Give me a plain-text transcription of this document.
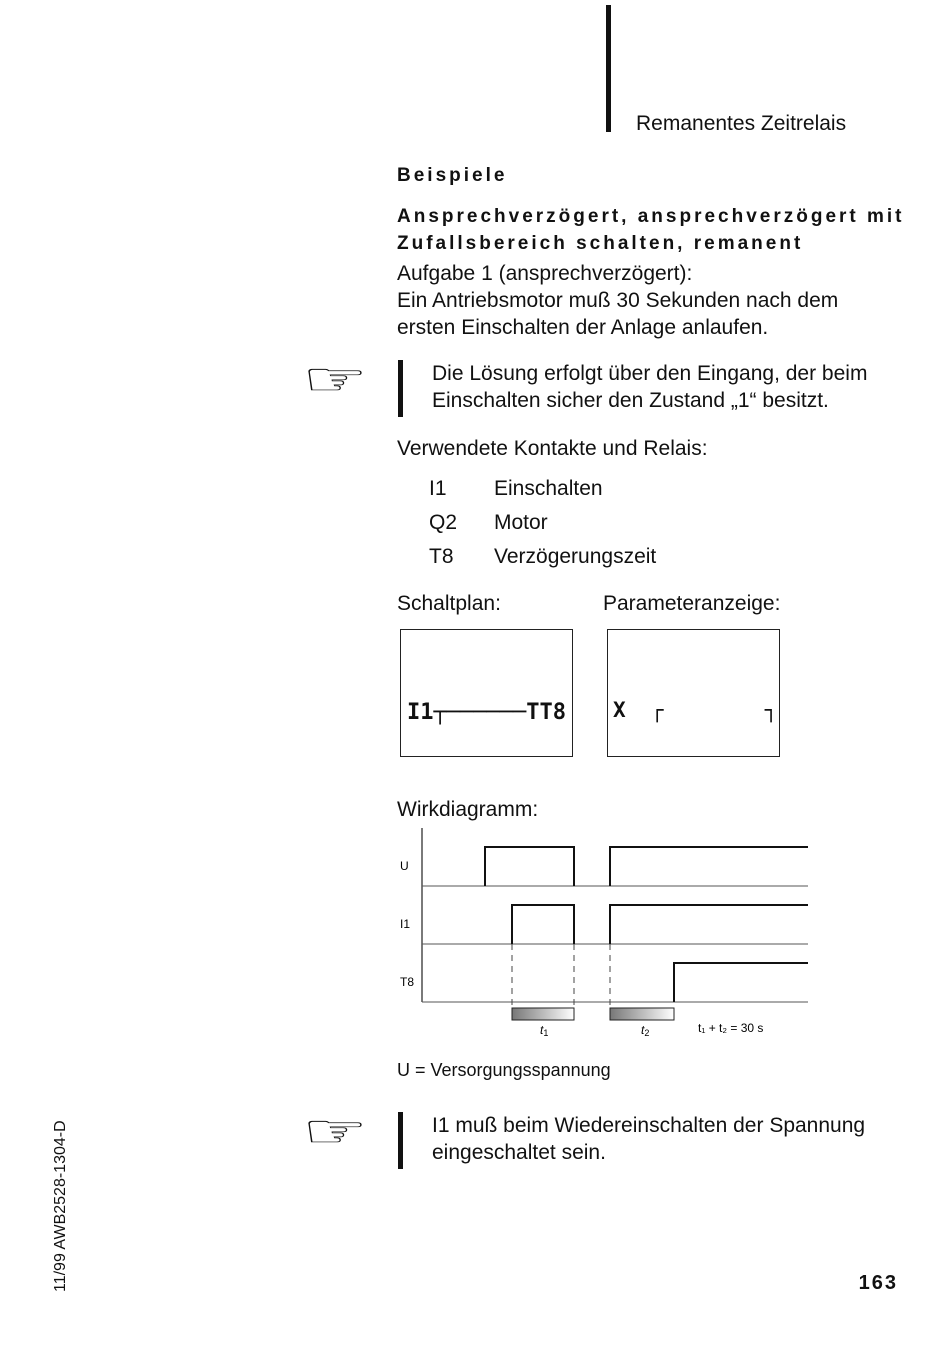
Remanentes Zeitrelais
Beispiele
Ansprechverzögert, ansprechverzögert mit
Zufallsbereich schalten, remanent
Aufgabe 1 (ansprechverzögert):
Ein Antriebsmotor muß 30 Sekunden nach dem
ersten Einschalten der Anlage anlaufen.
☞	Die Lösung erfolgt über den Eingang, der beim
Einschalten sicher den Zustand „1“ besitzt.
Verwendete Kontakte und Relais:
I1 Einschalten
Q2 Motor
T8 Verzögerungszeit
Schaltplan:	Parameteranzeige:

I1┬──────TT8

X  ┌        ┐

Wirkdiagramm:
U
I1
T8
t1	t2	t₁ + t₂ = 30 s
U = Versorgungsspannung
☞	I1 muß beim Wiedereinschalten der Spannung
eingeschaltet sein.
11/99 AWB2528-1304-D	163
